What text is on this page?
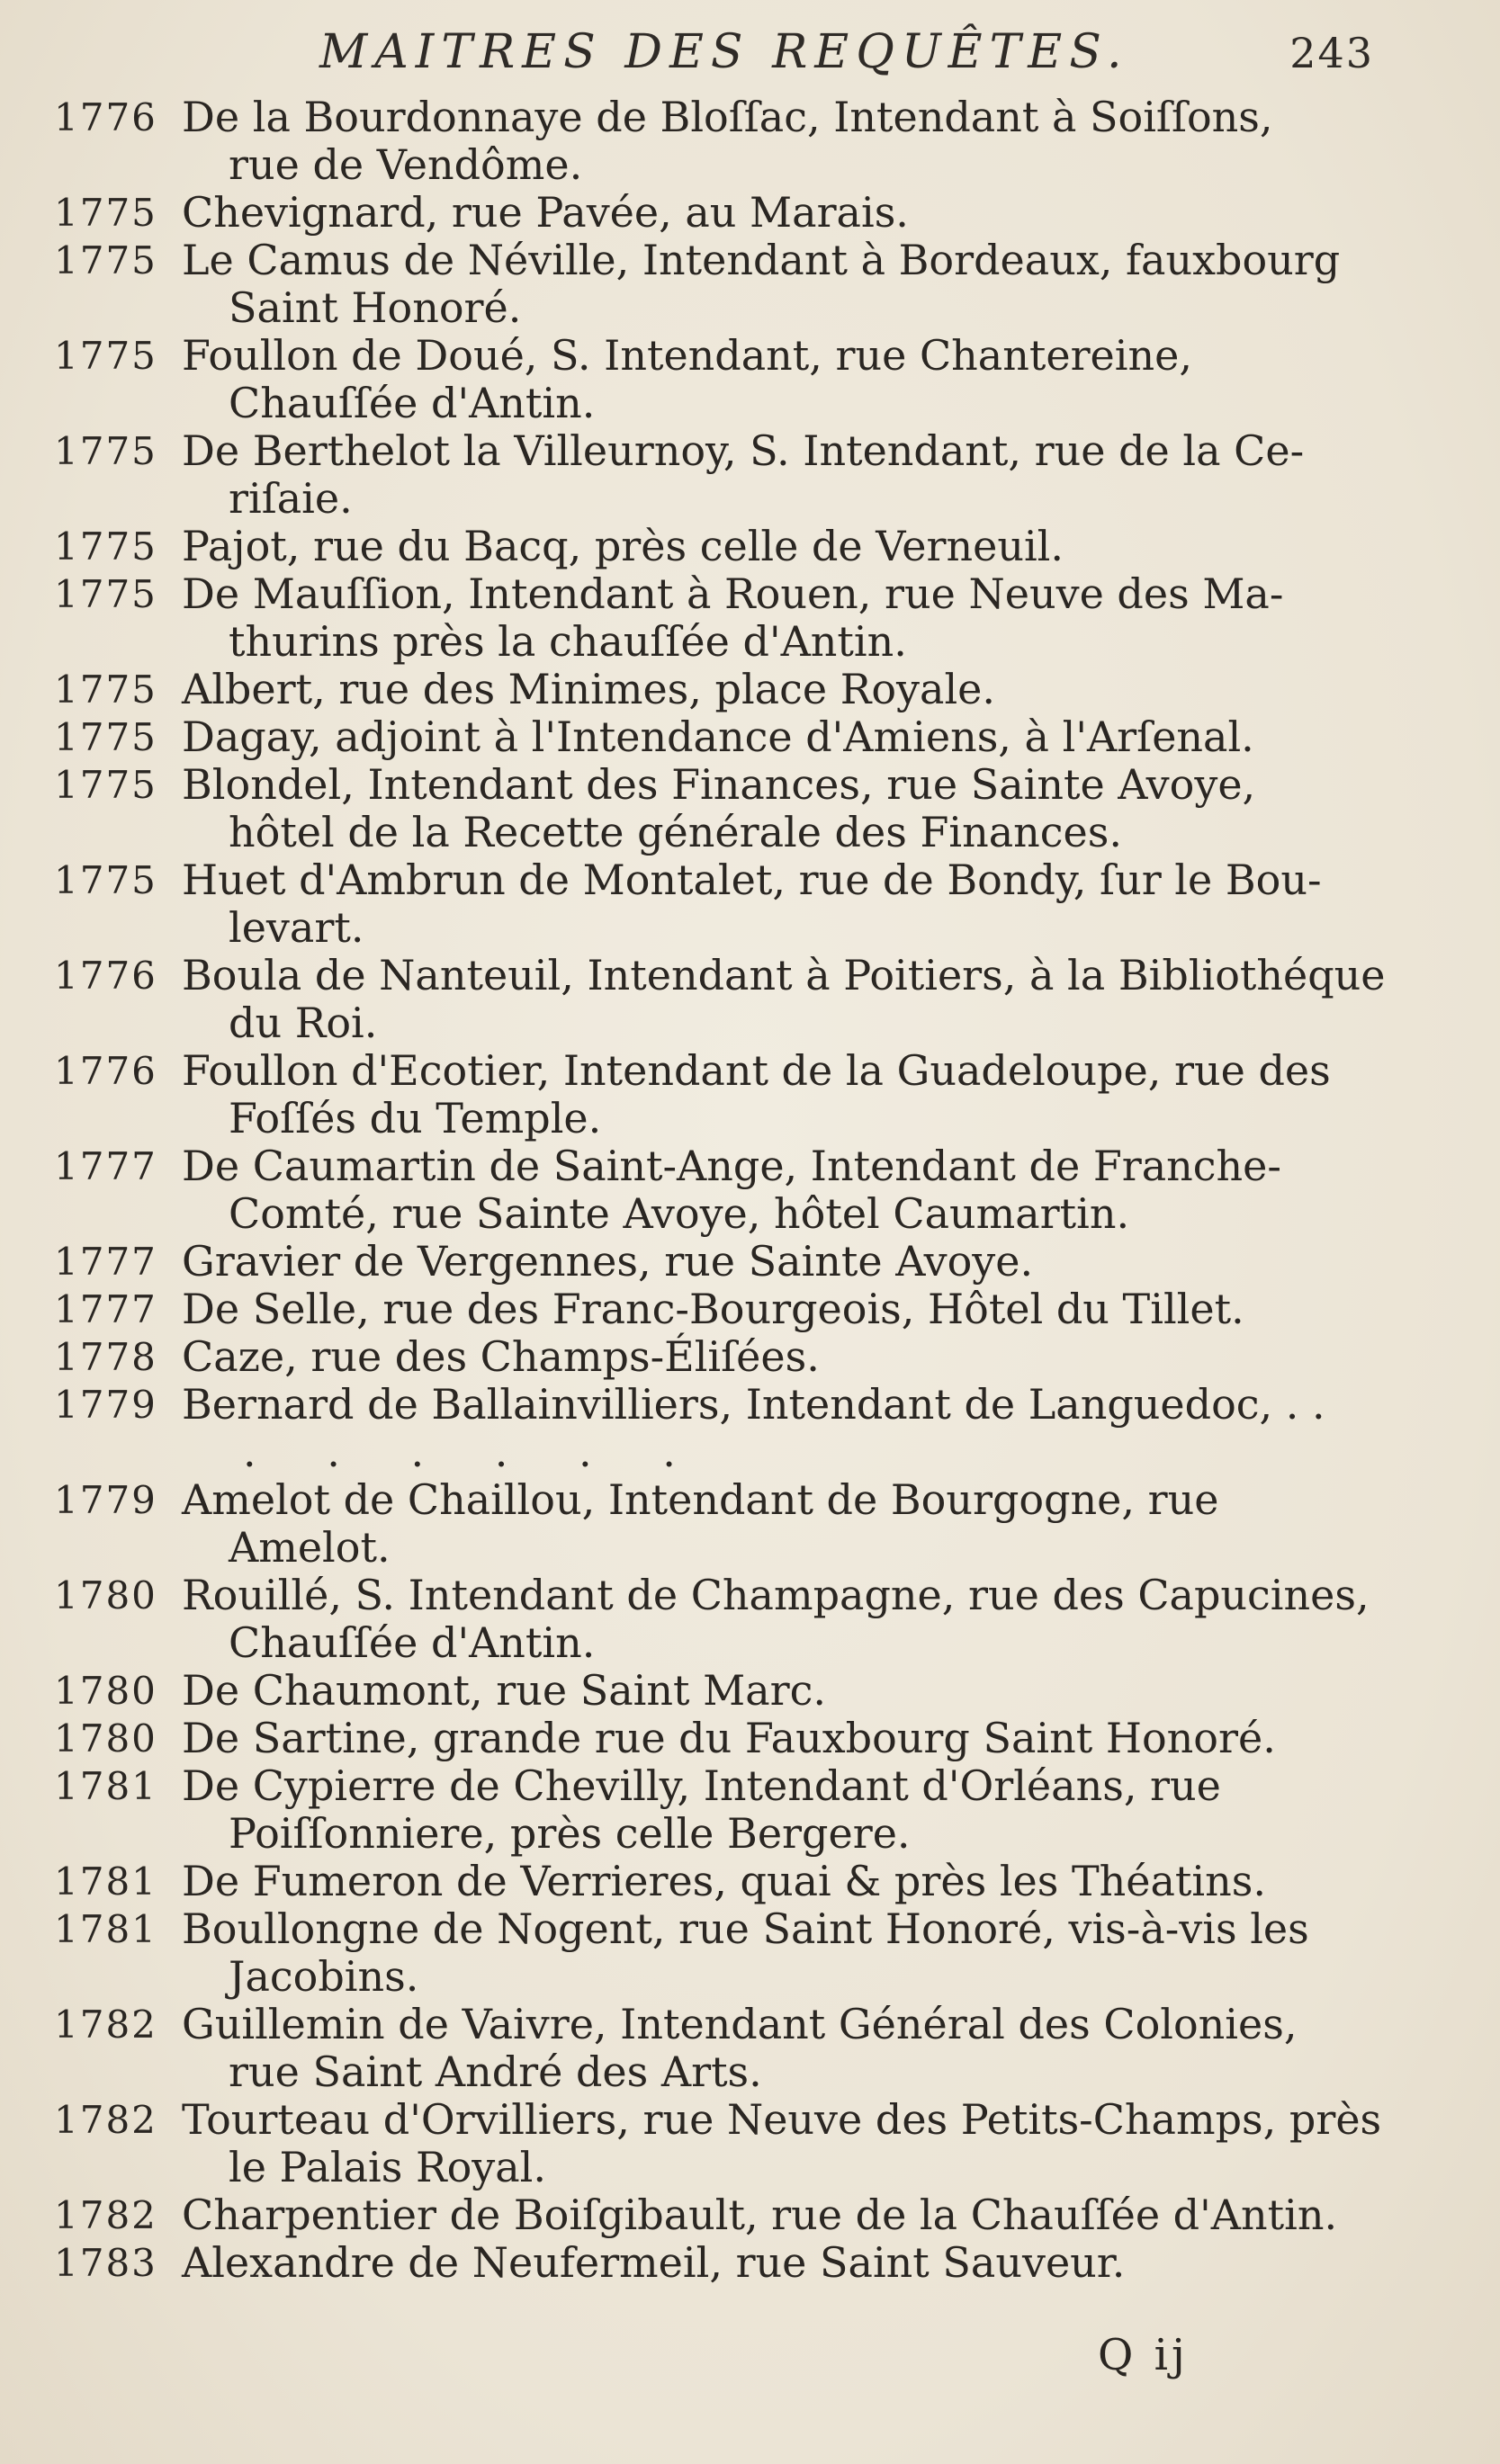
MAITRES DES REQUÊTES.	243
1776 De la Bourdonnaye de Bloſſac, Intendant à Soiſſons,
rue de Vendôme.
1775 Chevignard, rue Pavée, au Marais.
1775 Le Camus de Néville, Intendant à Bordeaux, fauxbourg
Saint Honoré.
1775 Foullon de Doué, S. Intendant, rue Chantereine,
Chauſſée d'Antin.
1775 De Berthelot la Villeurnoy, S. Intendant, rue de la Ce-
riſaie.
1775 Pajot, rue du Bacq, près celle de Verneuil.
1775 De Mauſſion, Intendant à Rouen, rue Neuve des Ma-
thurins près la chauſſée d'Antin.
1775 Albert, rue des Minimes, place Royale.
1775 Dagay, adjoint à l'Intendance d'Amiens, à l'Arſenal.
1775 Blondel, Intendant des Finances, rue Sainte Avoye,
hôtel de la Recette générale des Finances.
1775 Huet d'Ambrun de Montalet, rue de Bondy, ſur le Bou-
levart.
1776 Boula de Nanteuil, Intendant à Poitiers, à la Bibliothéque
du Roi.
1776 Foullon d'Ecotier, Intendant de la Guadeloupe, rue des
Foſſés du Temple.
1777 De Caumartin de Saint-Ange, Intendant de Franche-
Comté, rue Sainte Avoye, hôtel Caumartin.
1777 Gravier de Vergennes, rue Sainte Avoye.
1777 De Selle, rue des Franc-Bourgeois, Hôtel du Tillet.
1778 Caze, rue des Champs-Éliſées.
1779 Bernard de Ballainvilliers, Intendant de Languedoc, . .
. . . . . .
1779 Amelot de Chaillou, Intendant de Bourgogne, rue
Amelot.
1780 Rouillé, S. Intendant de Champagne, rue des Capucines,
Chauſſée d'Antin.
1780 De Chaumont, rue Saint Marc.
1780 De Sartine, grande rue du Fauxbourg Saint Honoré.
1781 De Cypierre de Chevilly, Intendant d'Orléans, rue
Poiſſonniere, près celle Bergere.
1781 De Fumeron de Verrieres, quai & près les Théatins.
1781 Boullongne de Nogent, rue Saint Honoré, vis-à-vis les
Jacobins.
1782 Guillemin de Vaivre, Intendant Général des Colonies,
rue Saint André des Arts.
1782 Tourteau d'Orvilliers, rue Neuve des Petits-Champs, près
le Palais Royal.
1782 Charpentier de Boiſgibault, rue de la Chauſſée d'Antin.
1783 Alexandre de Neufermeil, rue Saint Sauveur.
Q ij
